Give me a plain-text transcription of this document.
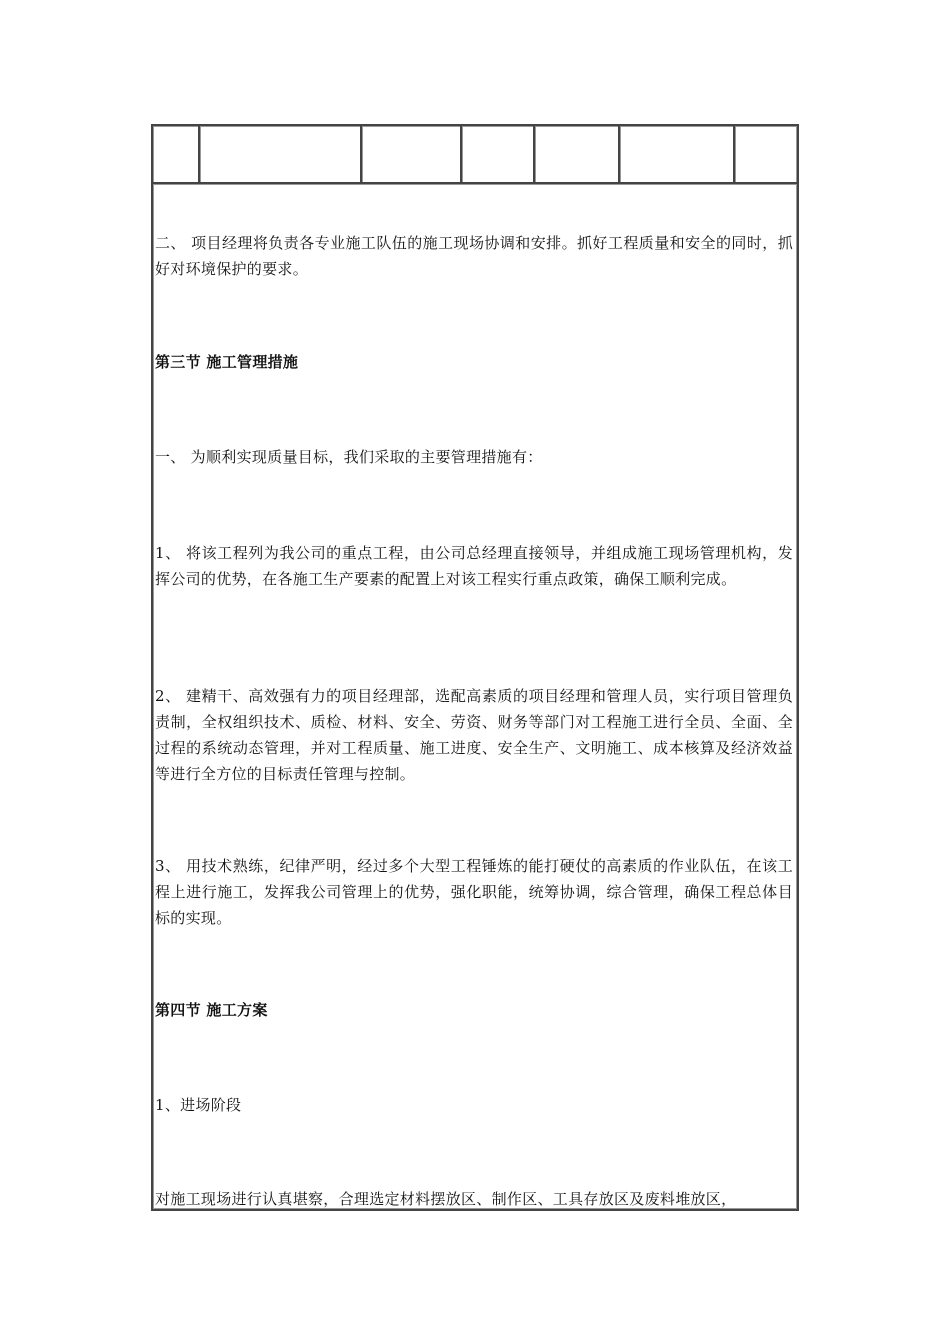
二、 项目经理将负责各专业施工队伍的施工现场协调和安排。抓好工程质量和安全的同时，抓好对环境保护的要求。

第三节 施工管理措施

一、 为顺利实现质量目标，我们采取的主要管理措施有：

1、 将该工程列为我公司的重点工程，由公司总经理直接领导，并组成施工现场管理机构，发挥公司的优势，在各施工生产要素的配置上对该工程实行重点政策，确保工顺利完成。

2、 建精干、高效强有力的项目经理部，选配高素质的项目经理和管理人员，实行项目管理负责制，全权组织技术、质检、材料、安全、劳资、财务等部门对工程施工进行全员、全面、全过程的系统动态管理，并对工程质量、施工进度、安全生产、文明施工、成本核算及经济效益等进行全方位的目标责任管理与控制。

3、 用技术熟练，纪律严明，经过多个大型工程锤炼的能打硬仗的高素质的作业队伍，在该工程上进行施工，发挥我公司管理上的优势，强化职能，统筹协调，综合管理，确保工程总体目标的实现。

第四节 施工方案

1、进场阶段

对施工现场进行认真堪察，合理选定材料摆放区、制作区、工具存放区及废料堆放区，
